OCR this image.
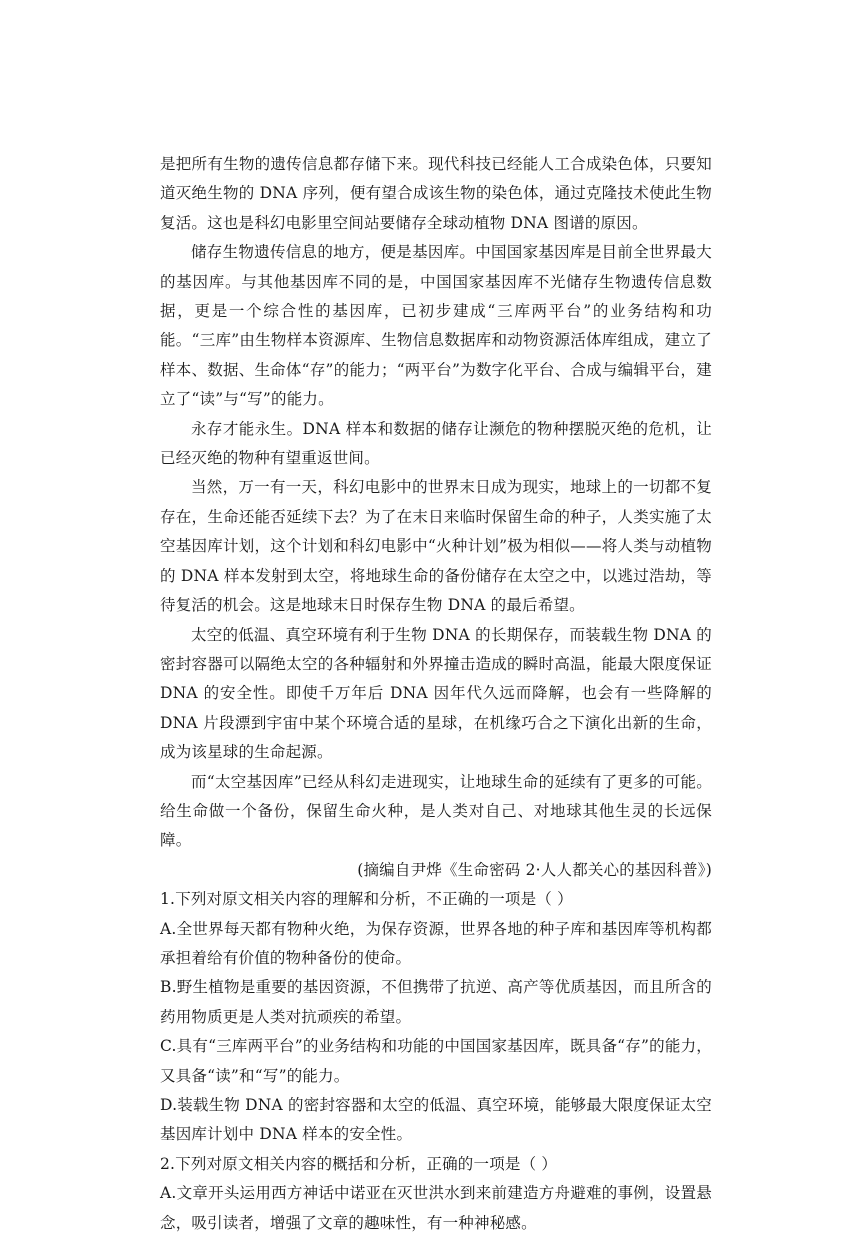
是把所有生物的遗传信息都存储下来。现代科技已经能人工合成染色体，只要知道灭绝生物的 DNA 序列，便有望合成该生物的染色体，通过克隆技术使此生物复活。这也是科幻电影里空间站要储存全球动植物 DNA 图谱的原因。

储存生物遗传信息的地方，便是基因库。中国国家基因库是目前全世界最大的基因库。与其他基因库不同的是，中国国家基因库不光储存生物遗传信息数据，更是一个综合性的基因库，已初步建成“三库两平台”的业务结构和功能。“三库”由生物样本资源库、生物信息数据库和动物资源活体库组成，建立了样本、数据、生命体“存”的能力；“两平台”为数字化平台、合成与编辑平台，建立了“读”与“写”的能力。

永存才能永生。DNA 样本和数据的储存让濒危的物种摆脱灭绝的危机，让已经灭绝的物种有望重返世间。

当然，万一有一天，科幻电影中的世界末日成为现实，地球上的一切都不复存在，生命还能否延续下去？为了在末日来临时保留生命的种子，人类实施了太空基因库计划，这个计划和科幻电影中“火种计划”极为相似——将人类与动植物的 DNA 样本发射到太空，将地球生命的备份储存在太空之中，以逃过浩劫，等待复活的机会。这是地球末日时保存生物 DNA 的最后希望。

太空的低温、真空环境有利于生物 DNA 的长期保存，而装载生物 DNA 的密封容器可以隔绝太空的各种辐射和外界撞击造成的瞬时高温，能最大限度保证 DNA 的安全性。即使千万年后 DNA 因年代久远而降解，也会有一些降解的 DNA 片段漂到宇宙中某个环境合适的星球，在机缘巧合之下演化出新的生命，成为该星球的生命起源。

而“太空基因库”已经从科幻走进现实，让地球生命的延续有了更多的可能。给生命做一个备份，保留生命火种，是人类对自己、对地球其他生灵的长远保障。

(摘编自尹烨《生命密码 2·人人都关心的基因科普》)

1.下列对原文相关内容的理解和分析，不正确的一项是（ ）

A.全世界每天都有物种火绝，为保存资源，世界各地的种子库和基因库等机构都承担着给有价值的物种备份的使命。

B.野生植物是重要的基因资源，不但携带了抗逆、高产等优质基因，而且所含的药用物质更是人类对抗顽疾的希望。

C.具有“三库两平台”的业务结构和功能的中国国家基因库，既具备“存”的能力，又具备“读”和“写”的能力。

D.装载生物 DNA 的密封容器和太空的低温、真空环境，能够最大限度保证太空基因库计划中 DNA 样本的安全性。

2.下列对原文相关内容的概括和分析，正确的一项是（ ）

A.文章开头运用西方神话中诺亚在灭世洪水到来前建造方舟避难的事例，设置悬念，吸引读者，增强了文章的趣味性，有一种神秘感。
